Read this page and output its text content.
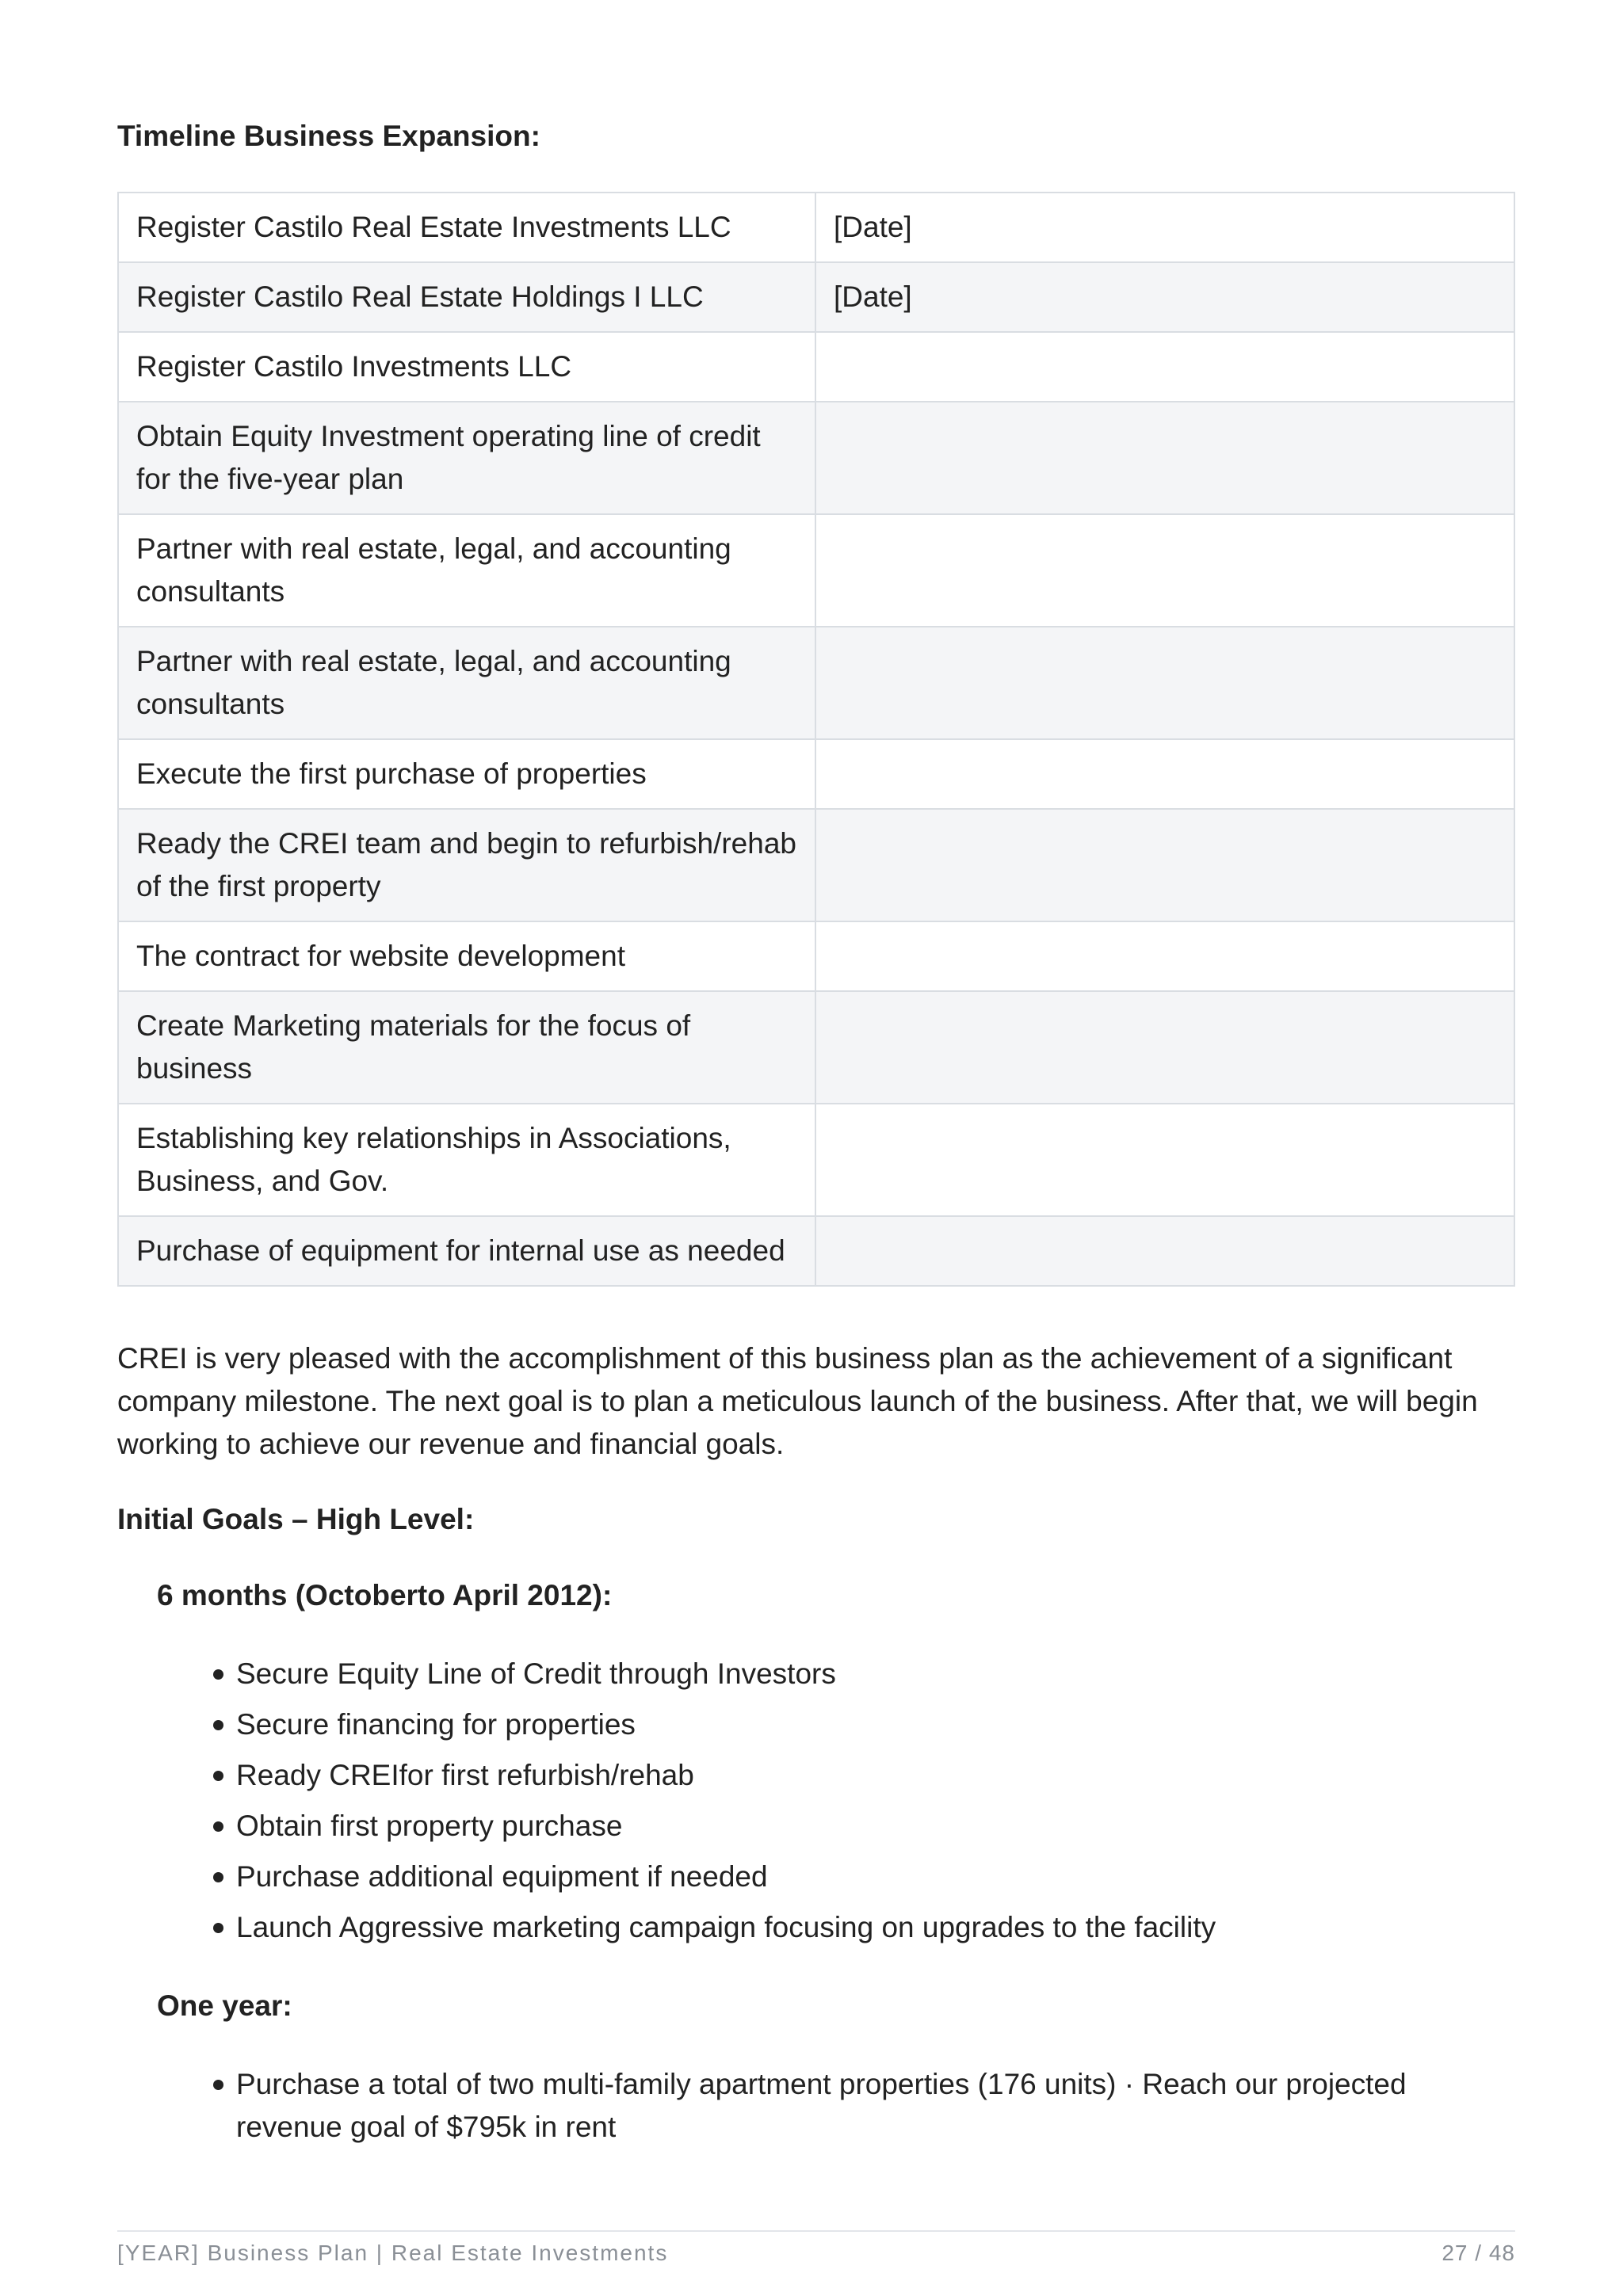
Timeline Business Expansion:
Register Castilo Real Estate Investments LLC	[Date]
Register Castilo Real Estate Holdings I LLC	[Date]
Register Castilo Investments LLC	
Obtain Equity Investment operating line of credit for the five-year plan	
Partner with real estate, legal, and accounting consultants	
Partner with real estate, legal, and accounting consultants	
Execute the first purchase of properties	
Ready the CREI team and begin to refurbish/rehab of the first property	
The contract for website development	
Create Marketing materials for the focus of business	
Establishing key relationships in Associations, Business, and Gov.	
Purchase of equipment for internal use as needed	

CREI is very pleased with the accomplishment of this business plan as the achievement of a significant company milestone. The next goal is to plan a meticulous launch of the business. After that, we will begin working to achieve our revenue and financial goals.

Initial Goals – High Level:
6 months (Octoberto April 2012):
Secure Equity Line of Credit through Investors
Secure financing for properties
Ready CREIfor first refurbish/rehab
Obtain first property purchase
Purchase additional equipment if needed
Launch Aggressive marketing campaign focusing on upgrades to the facility
One year:
Purchase a total of two multi-family apartment properties (176 units) · Reach our projected revenue goal of $795k in rent
[YEAR] Business Plan | Real Estate Investments	27 / 48
